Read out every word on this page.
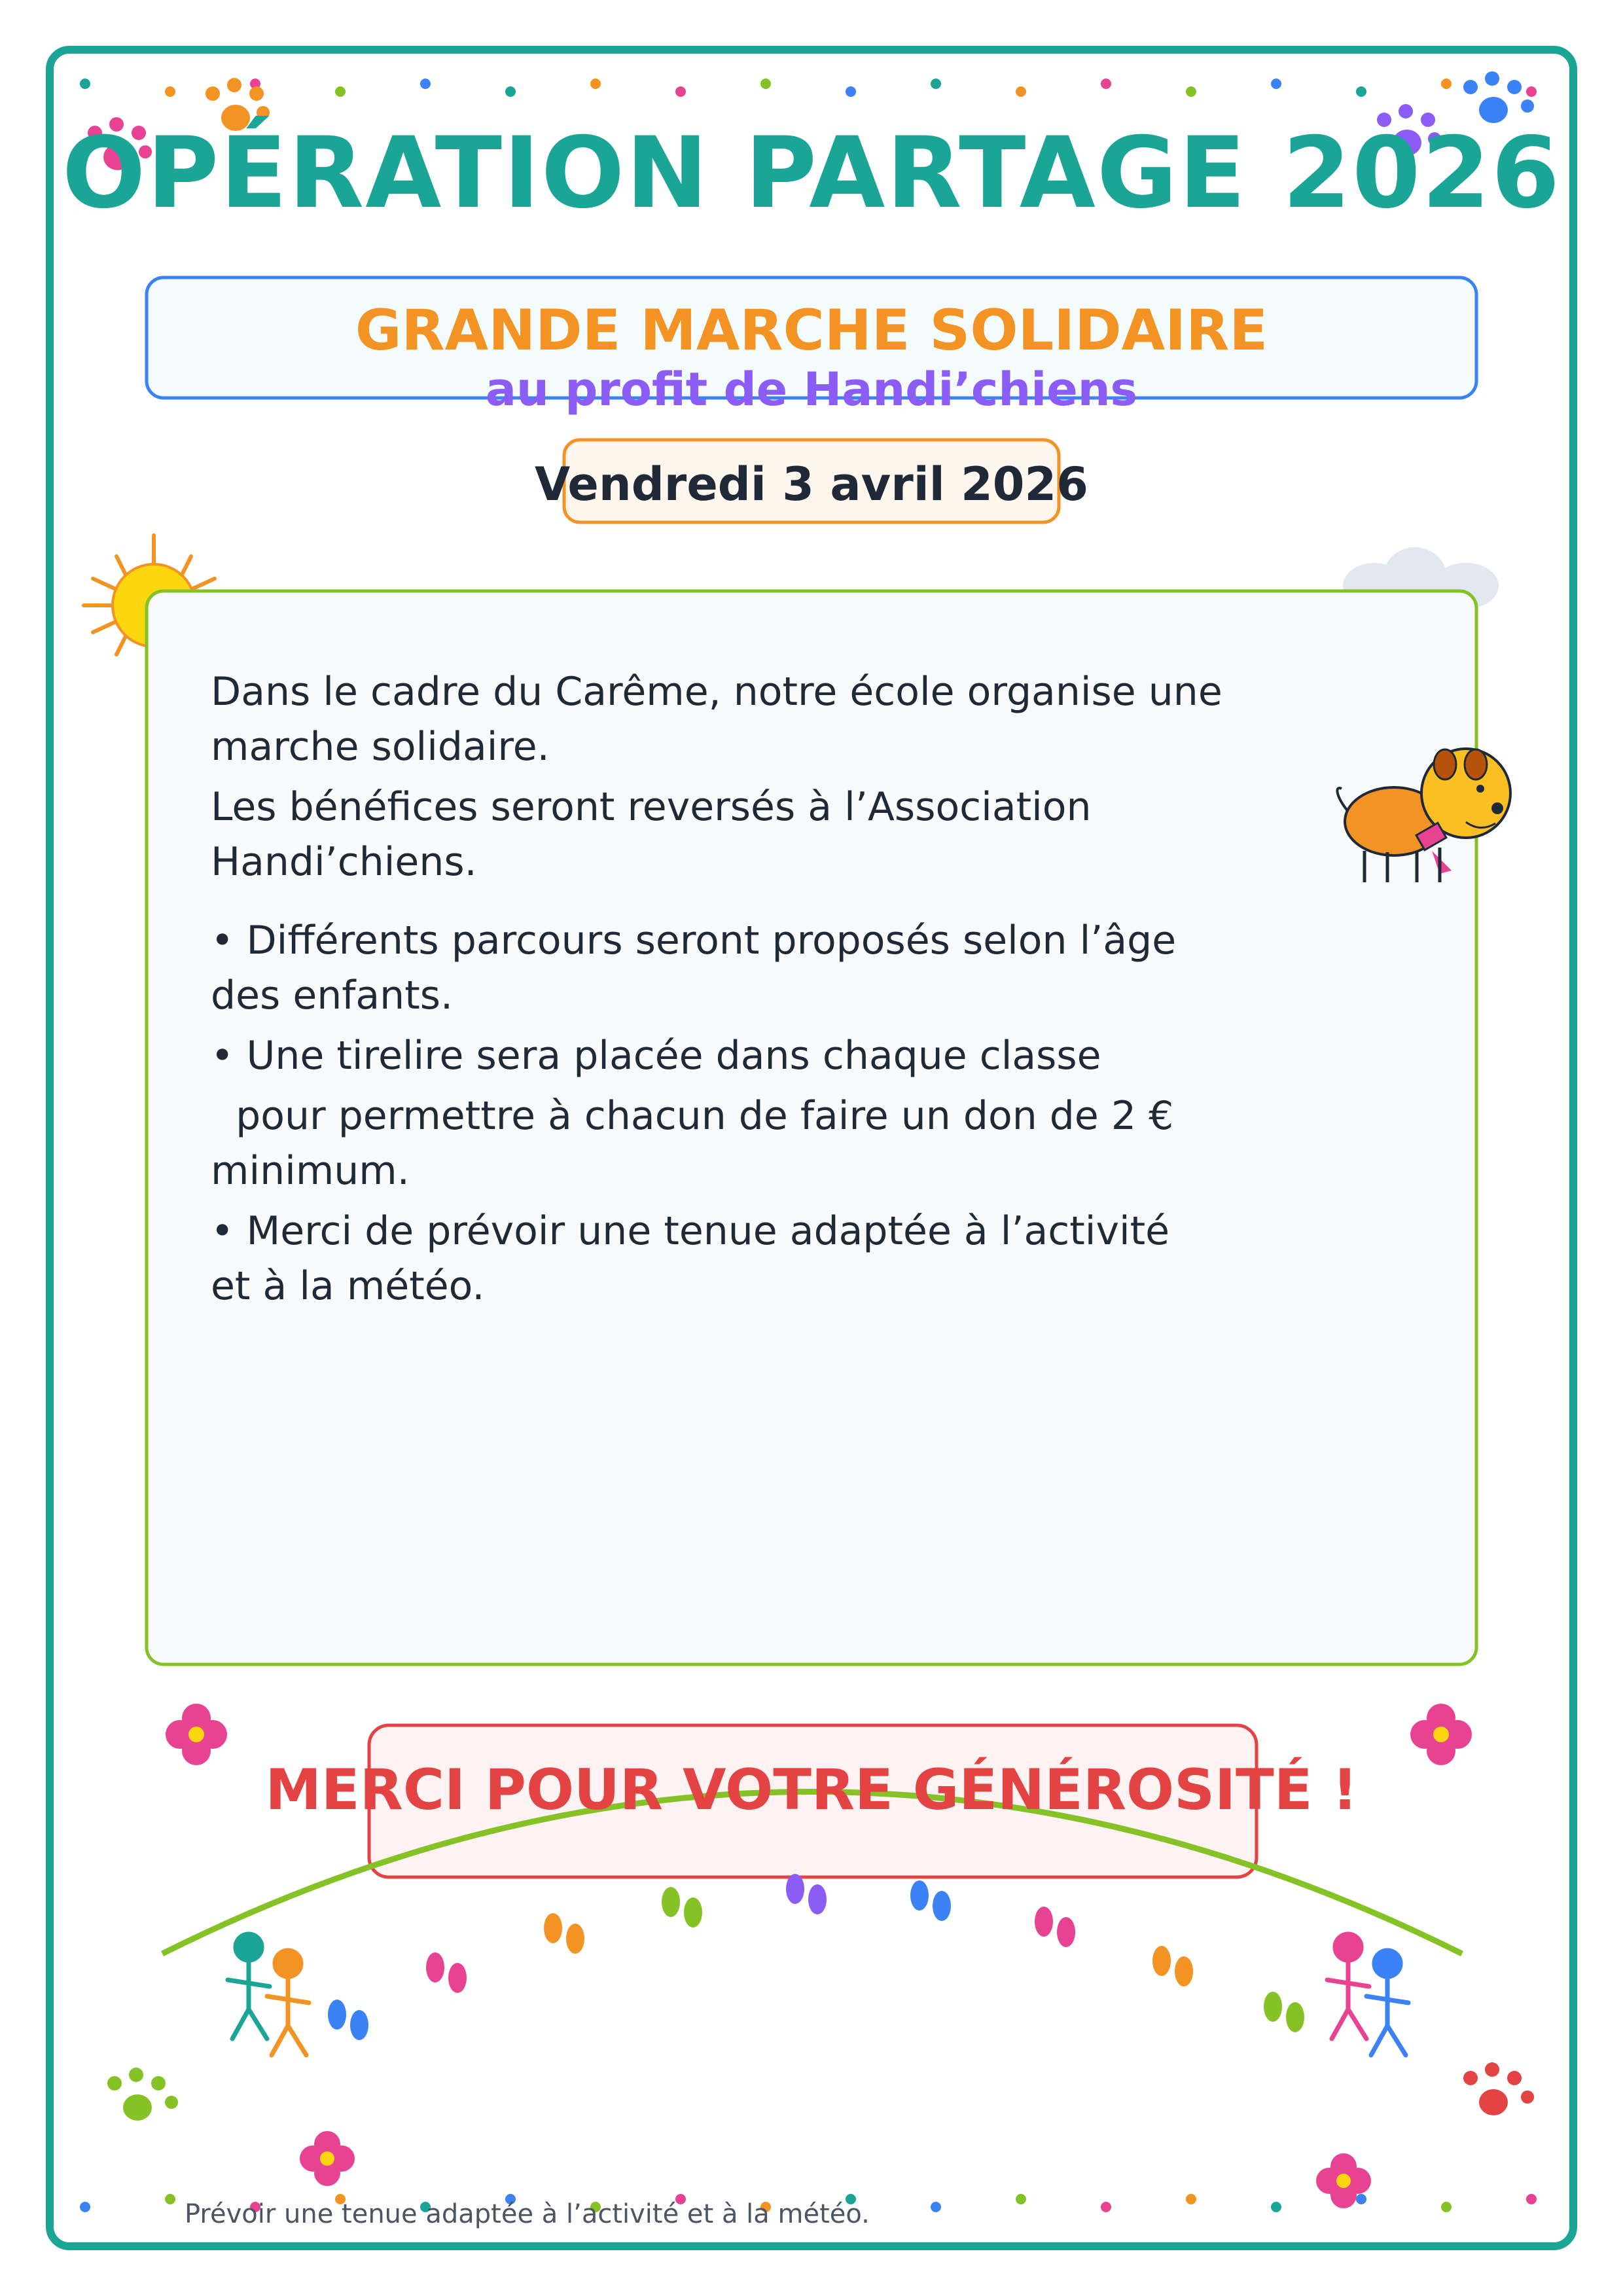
OPÉRATION PARTAGE 2026
GRANDE MARCHE SOLIDAIRE
au profit de Handi’chiens
Vendredi 3 avril 2026

Dans le cadre du Carême, notre école organise une

marche solidaire.

Les bénéfices seront reversés à l’Association

Handi’chiens.

• Différents parcours seront proposés selon l’âge

des enfants.

• Une tirelire sera placée dans chaque classe

pour permettre à chacun de faire un don de 2 €

minimum.

• Merci de prévoir une tenue adaptée à l’activité

et à la météo.

MERCI POUR VOTRE GÉNÉROSITÉ !
Prévoir une tenue adaptée à l’activité et à la météo.
